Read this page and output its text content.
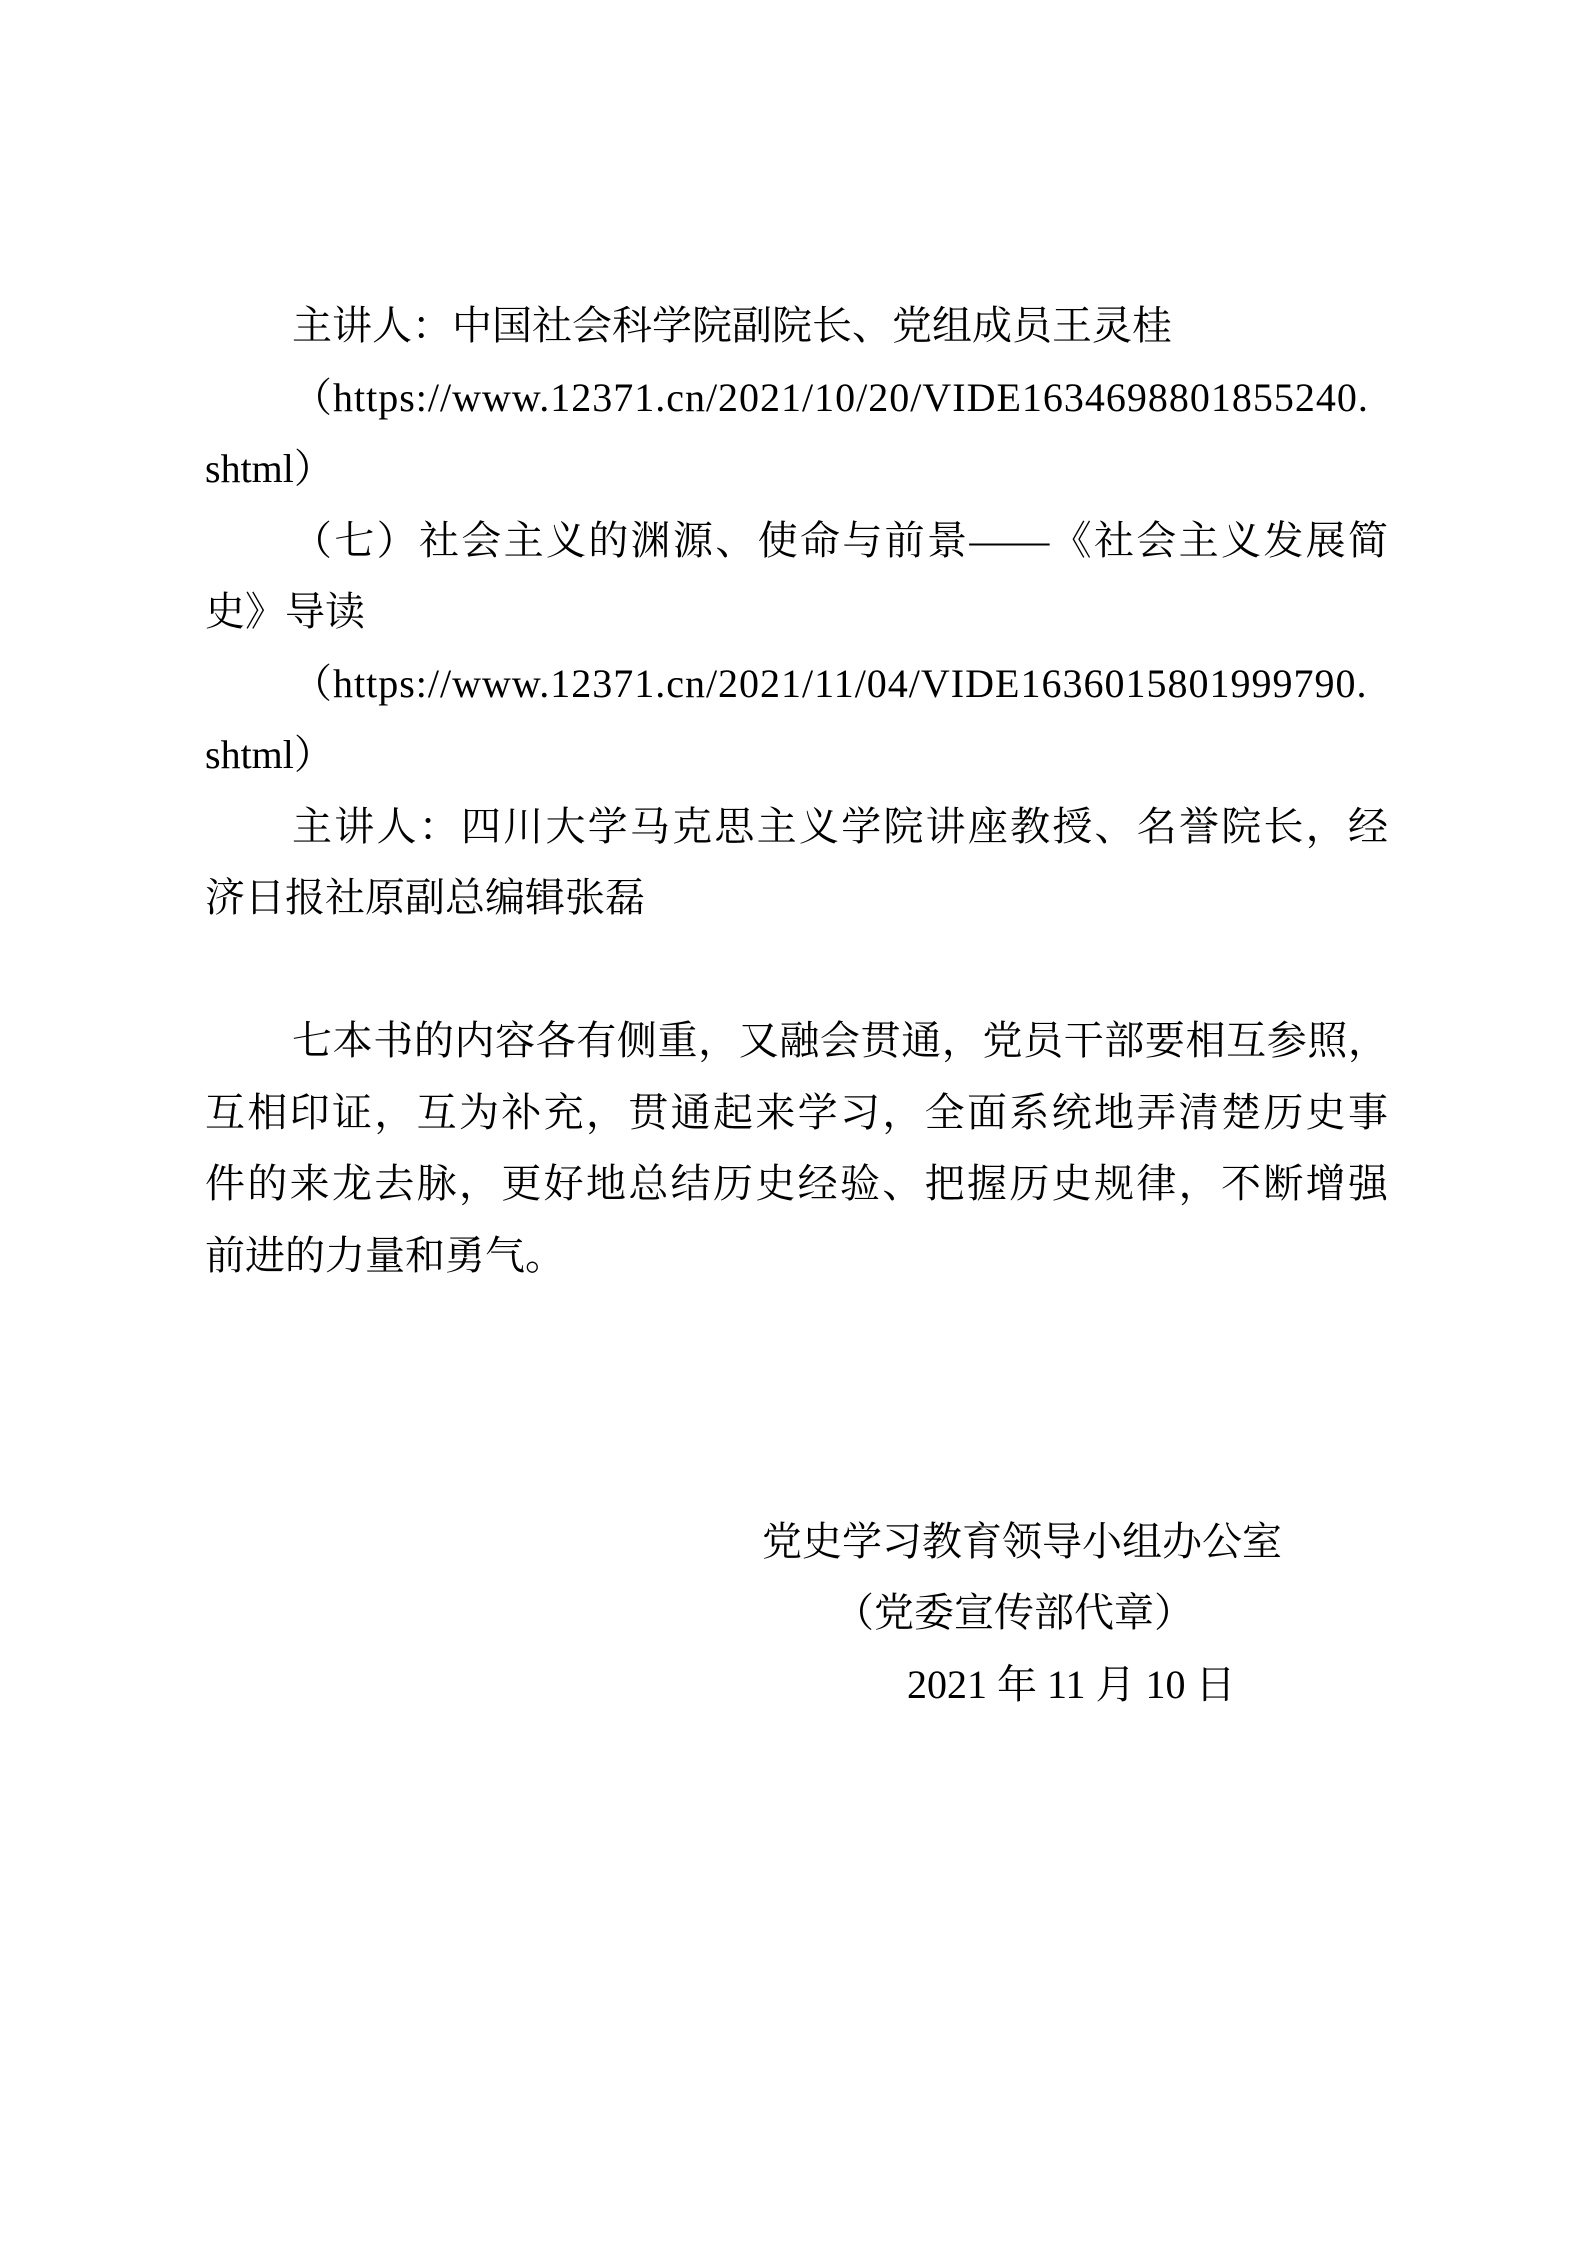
主讲人：中国社会科学院副院长、党组成员王灵桂
（https://www.12371.cn/2021/10/20/VIDE1634698801855240.
shtml）
（七）社会主义的渊源、使命与前景——《社会主义发展简
史》导读
（https://www.12371.cn/2021/11/04/VIDE1636015801999790.
shtml）
主讲人：四川大学马克思主义学院讲座教授、名誉院长，经
济日报社原副总编辑张磊
七本书的内容各有侧重，又融会贯通，党员干部要相互参照，
互相印证，互为补充，贯通起来学习，全面系统地弄清楚历史事
件的来龙去脉，更好地总结历史经验、把握历史规律，不断增强
前进的力量和勇气。
党史学习教育领导小组办公室
（党委宣传部代章）
2021 年 11 月 10 日
